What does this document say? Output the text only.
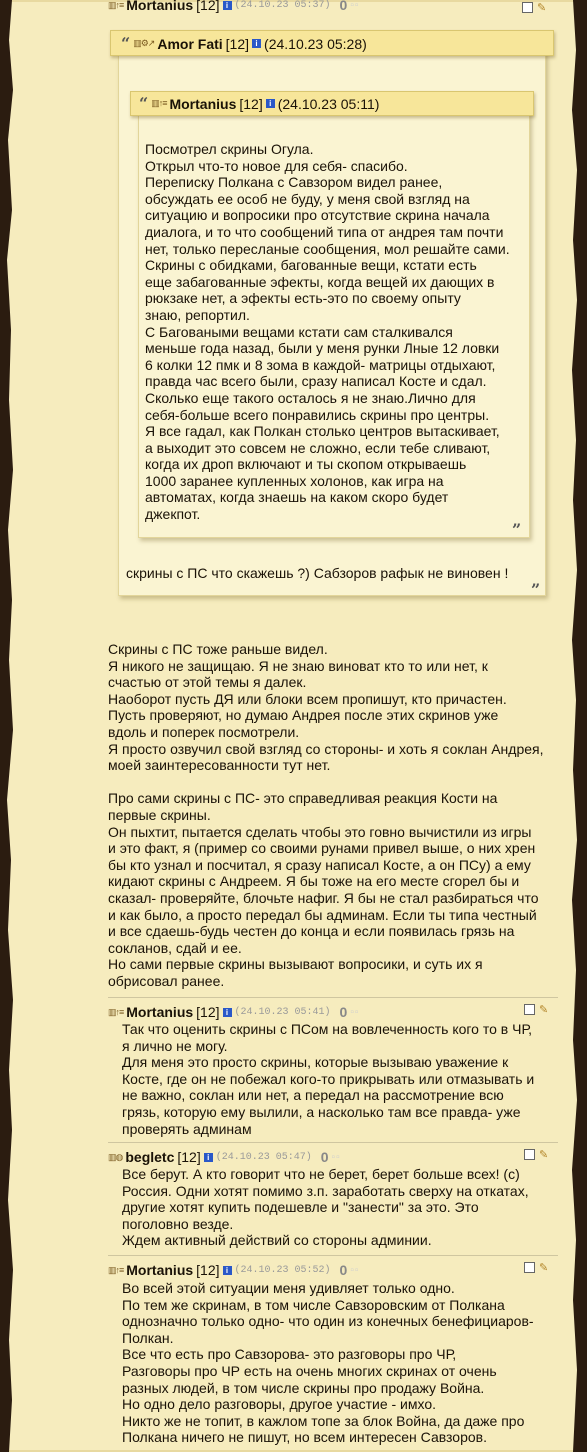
▥↑≡ Mortanius [12] i (24.10.23 05:37) 0 ▫▫	✎
“ ▥⚙↗ Amor Fati [12] i (24.10.23 05:28)
“ ▥↑≡ Mortanius [12] i (24.10.23 05:11)
Посмотрел скрины Огула.
Открыл что-то новое для себя- спасибо.
Переписку Полкана с Савзором видел ранее,
обсуждать ее особ не буду, у меня свой взгляд на
ситуацию и вопросики про отсутствие скрина начала
диалога, и то что сообщений типа от андрея там почти
нет, только пересланые сообщения, мол решайте сами.
Скрины с обидками, багованные вещи, кстати есть
еще забагованные эфекты, когда вещей их дающих в
рюкзаке нет, а эфекты есть-это по своему опыту
знаю, репортил.
С Баговаными вещами кстати сам сталкивался
меньше года назад, были у меня рунки Лные 12 ловки
6 колки 12 пмк и 8 зома в каждой- матрицы отдыхают,
правда час всего были, сразу написал Косте и сдал.
Сколько еще такого осталось я не знаю.Лично для
себя-больше всего понравились скрины про центры.
Я все гадал, как Полкан столько центров вытаскивает,
а выходит это совсем не сложно, если тебе сливают,
когда их дроп включают и ты скопом открываешь
1000 заранее купленных холонов, как игра на
автоматах, когда знаешь на каком скоро будет
джекпот.
”
скрины с ПС что скажешь ?) Сабзоров рафык не виновен !
”
Скрины с ПС тоже раньше видел.
Я никого не защищаю. Я не знаю виноват кто то или нет, к
счастью от этой темы я далек.
Наоборот пусть ДЯ или блоки всем пропишут, кто причастен.
Пусть проверяют, но думаю Андрея после этих скринов уже
вдоль и поперек посмотрели.
Я просто озвучил свой взгляд со стороны- и хоть я соклан Андрея,
моей заинтересованности тут нет.

Про сами скрины с ПС- это справедливая реакция Кости на
первые скрины.
Он пыхтит, пытается сделать чтобы это говно вычистили из игры
и это факт, я (пример со своими рунами привел выше, о них хрен
бы кто узнал и посчитал, я сразу написал Косте, а он ПСу) а ему
кидают скрины с Андреем. Я бы тоже на его месте сгорел бы и
сказал- проверяйте, блочьте нафиг. Я бы не стал разбираться что
и как было, а просто передал бы админам. Если ты типа честный
и все сдаешь-будь честен до конца и если появилась грязь на
сокланов, сдай и ее.
Но сами первые скрины вызывают вопросики, и суть их я
обрисовал ранее.
▥↑≡ Mortanius [12] i (24.10.23 05:41) 0 ▫▫	✎
Так что оценить скрины с ПСом на вовлеченность кого то в ЧР,
я лично не могу.
Для меня это просто скрины, которые вызываю уважение к
Косте, где он не побежал кого-то прикрывать или отмазывать и
не важно, соклан или нет, а передал на рассмотрение всю
грязь, которую ему вылили, а насколько там все правда- уже
проверять админам
▥◍ begletc [12] i (24.10.23 05:47) 0 ▫▫	✎
Все берут. А кто говорит что не берет, берет больше всех! (с)
Россия. Одни хотят помимо з.п. заработать сверху на откатах,
другие хотят купить подешевле и "занести" за это. Это
поголовно везде.
Ждем активный действий со стороны админии.
▥↑≡ Mortanius [12] i (24.10.23 05:52) 0 ▫▫	✎
Во всей этой ситуации меня удивляет только одно.
По тем же скринам, в том числе Савзоровским от Полкана
однозначно только одно- что один из конечных бенефициаров-
Полкан.
Все что есть про Савзорова- это разговоры про ЧР,
Разговоры про ЧР есть на очень многих скринах от очень
разных людей, в том числе скрины про продажу Война.
Но одно дело разговоры, другое участие - имхо.
Никто же не топит, в кажлом топе за блок Война, да даже про
Полкана ничего не пишут, но всем интересен Савзоров.
